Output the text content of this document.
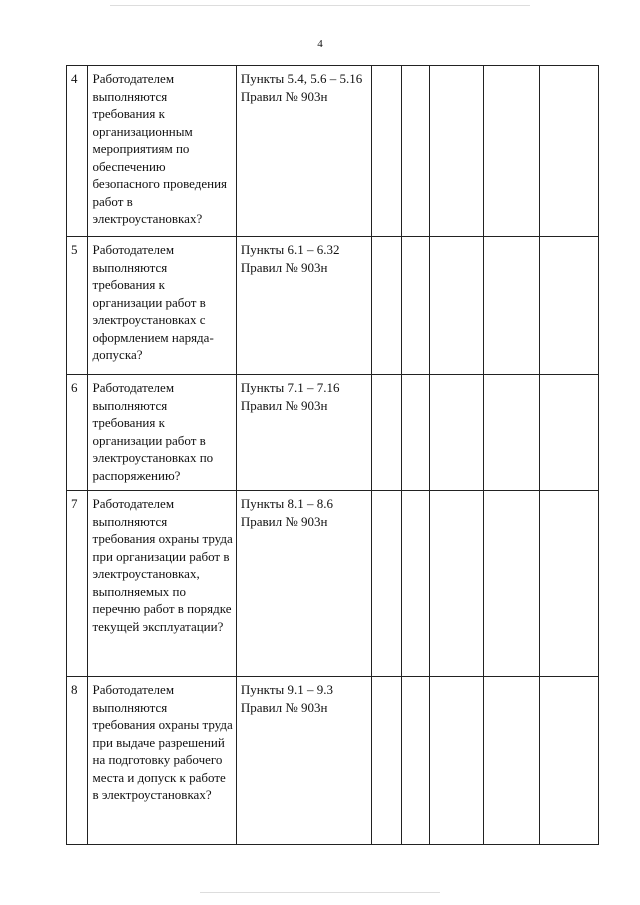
4
4	Работодателем выполняются требования к организационным мероприятиям по обеспечению безопасного проведения работ в электроустановках?	Пункты 5.4, 5.6 – 5.16 Правил № 903н					
5	Работодателем выполняются требования к организации работ в электроустановках с оформлением наряда-допуска?	Пункты 6.1 – 6.32 Правил № 903н					
6	Работодателем выполняются требования к организации работ в электроустановках по распоряжению?	Пункты 7.1 – 7.16 Правил № 903н					
7	Работодателем выполняются требования охраны труда при организации работ в электроустановках, выполняемых по перечню работ в порядке текущей эксплуатации?	Пункты 8.1 – 8.6 Правил № 903н					
8	Работодателем выполняются требования охраны труда при выдаче разрешений на подготовку рабочего места и допуск к работе в электроустановках?	Пункты 9.1 – 9.3 Правил № 903н					
